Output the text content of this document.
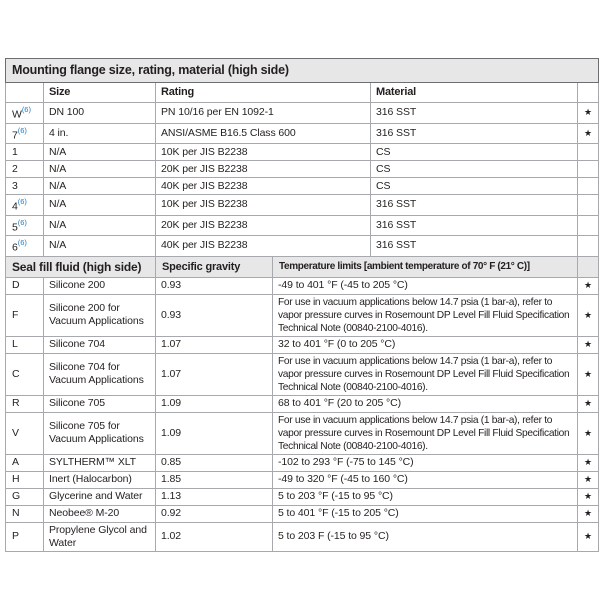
Mounting flange size, rating, material (high side)				
	Size	Rating	Material	
W$^{(6)}$	DN 100	PN 10/16 per EN 1092-1	316 SST	★
7$^{(6)}$	4 in.	ANSI/ASME B16.5 Class 600	316 SST	★
1	N/A	10K per JIS B2238	CS	
2	N/A	20K per JIS B2238	CS	
3	N/A	40K per JIS B2238	CS	
4$^{(6)}$	N/A	10K per JIS B2238	316 SST	
5$^{(6)}$	N/A	20K per JIS B2238	316 SST	
6$^{(6)}$	N/A	40K per JIS B2238	316 SST	
Seal fill fluid (high side)		Specific gravity	Temperature limits [ambient temperature of 70° F (21° C)]	
D	Silicone 200	0.93	-49 to 401 °F (-45 to 205 °C)	★
F	Silicone 200 for Vacuum Applications	0.93	For use in vacuum applications below 14.7 psia (1 bar-a), refer to vapor pressure curves in Rosemount DP Level Fill Fluid Specification Technical Note (00840-2100-4016).	★
L	Silicone 704	1.07	32 to 401 °F (0 to 205 °C)	★
C	Silicone 704 for Vacuum Applications	1.07	For use in vacuum applications below 14.7 psia (1 bar-a), refer to vapor pressure curves in Rosemount DP Level Fill Fluid Specification Technical Note (00840-2100-4016).	★
R	Silicone 705	1.09	68 to 401 °F (20 to 205 °C)	★
V	Silicone 705 for Vacuum Applications	1.09	For use in vacuum applications below 14.7 psia (1 bar-a), refer to vapor pressure curves in Rosemount DP Level Fill Fluid Specification Technical Note (00840-2100-4016).	★
A	SYLTHERM™ XLT	0.85	-102 to 293 °F (-75 to 145 °C)	★
H	Inert (Halocarbon)	1.85	-49 to 320 °F (-45 to 160 °C)	★
G	Glycerine and Water	1.13	5 to 203 °F (-15 to 95 °C)	★
N	Neobee® M-20	0.92	5 to 401 °F (-15 to 205 °C)	★
P	Propylene Glycol and Water	1.02	5 to 203 F (-15 to 95 °C)	★
